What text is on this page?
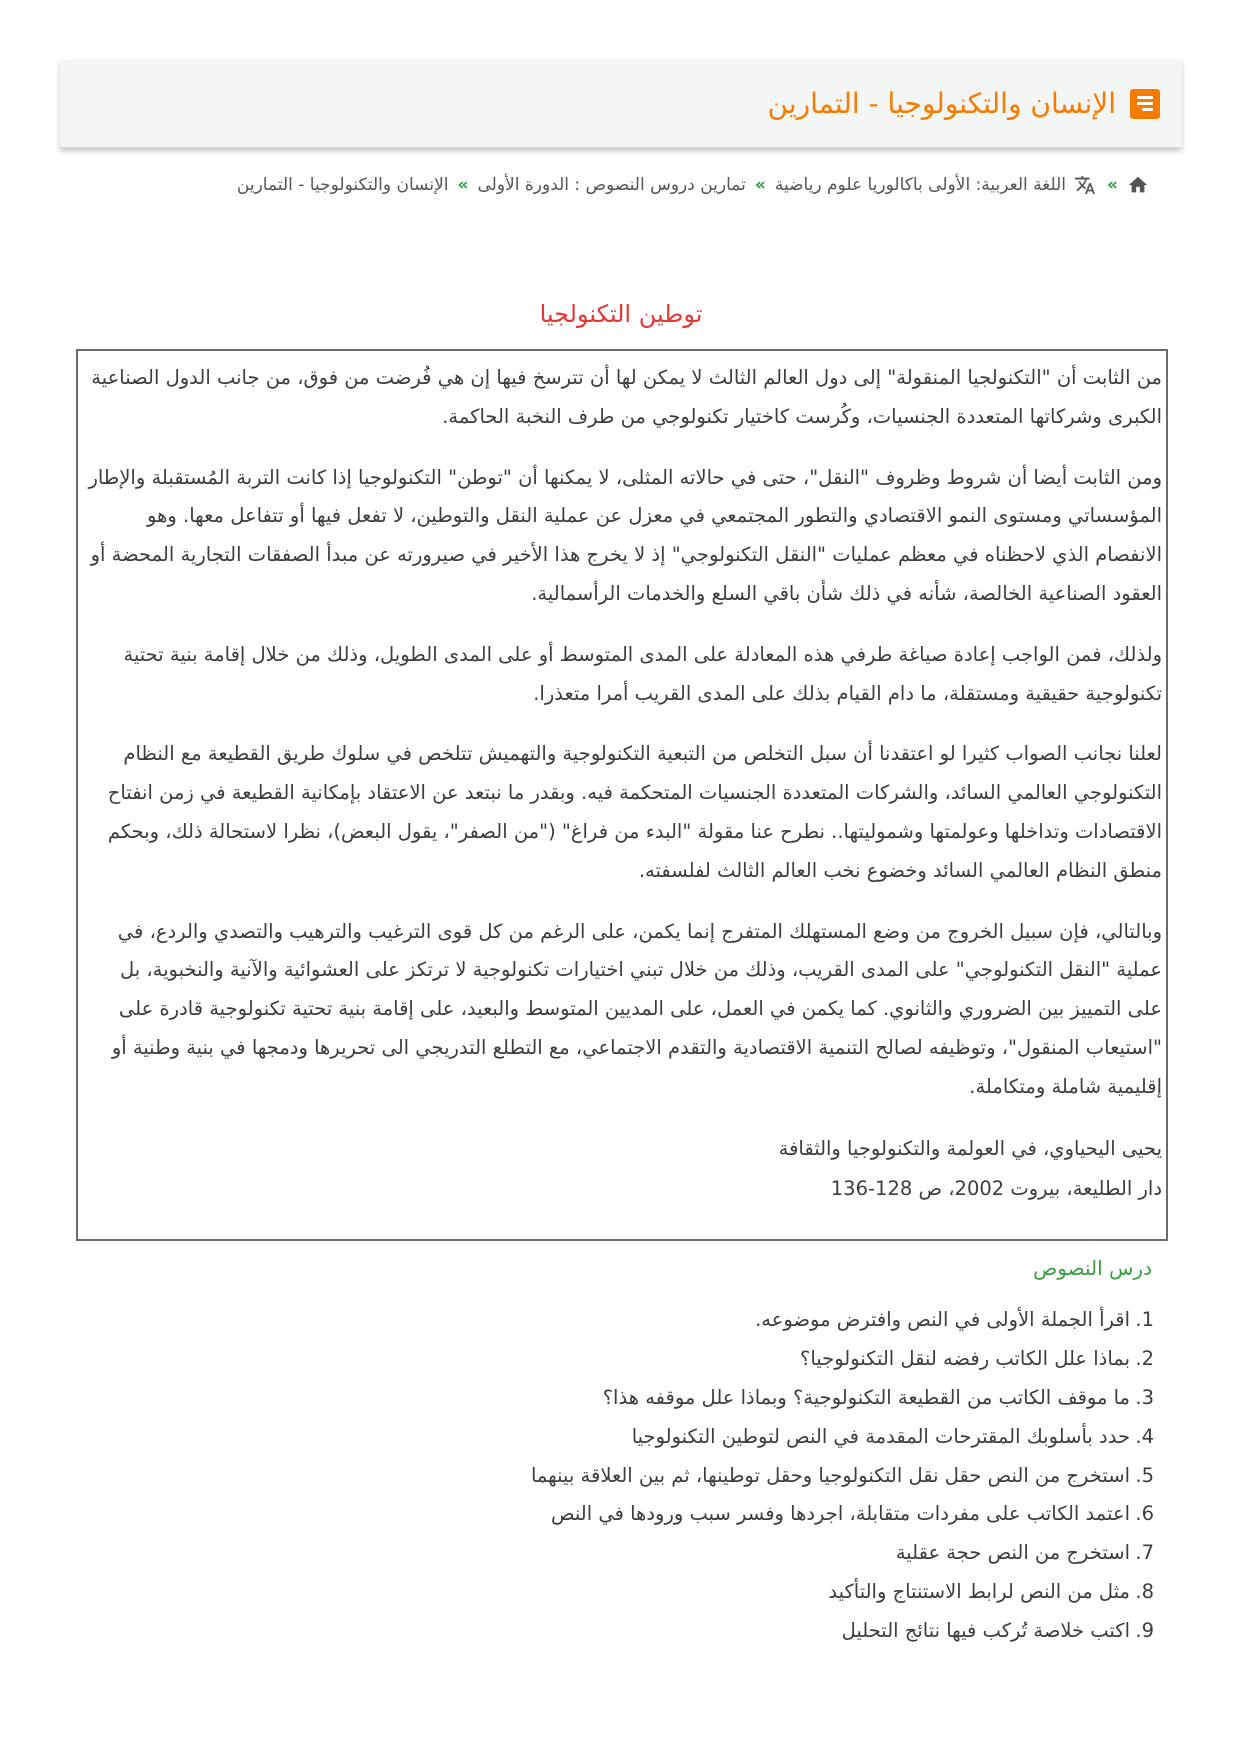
الإنسان والتكنولوجيا - التمارين
»
اللغة العربية: الأولى باكالوريا علوم رياضية
»
تمارين دروس النصوص : الدورة الأولى
»
الإنسان والتكنولوجيا - التمارين
توطين التكنولجيا

من الثابت أن "التكنولجيا المنقولة" إلى دول العالم الثالث لا يمكن لها أن تترسخ فيها إن هي فُرضت من فوق، من جانب الدول الصناعية الكبرى وشركاتها المتعددة الجنسيات، وكُرست كاختيار تكنولوجي من طرف النخبة الحاكمة.

ومن الثابت أيضا أن شروط وظروف "النقل"، حتى في حالاته المثلى، لا يمكنها أن "توطن" التكنولوجيا إذا كانت التربة المُستقبلة والإطار المؤسساتي ومستوى النمو الاقتصادي والتطور المجتمعي في معزل عن عملية النقل والتوطين، لا تفعل فيها أو تتفاعل معها. وهو الانفصام الذي لاحظناه في معظم عمليات "النقل التكنولوجي" إذ لا يخرج هذا الأخير في صيرورته عن مبدأ الصفقات التجارية المحضة أو العقود الصناعية الخالصة، شأنه في ذلك شأن باقي السلع والخدمات الرأسمالية.

ولذلك، فمن الواجب إعادة صياغة طرفي هذه المعادلة على المدى المتوسط أو على المدى الطويل، وذلك من خلال إقامة بنية تحتية تكنولوجية حقيقية ومستقلة، ما دام القيام بذلك على المدى القريب أمرا متعذرا.

لعلنا نجانب الصواب كثيرا لو اعتقدنا أن سبل التخلص من التبعية التكنولوجية والتهميش تتلخص في سلوك طريق القطيعة مع النظام التكنولوجي العالمي السائد، والشركات المتعددة الجنسيات المتحكمة فيه. وبقدر ما نبتعد عن الاعتقاد بإمكانية القطيعة في زمن انفتاح الاقتصادات وتداخلها وعولمتها وشموليتها.. نطرح عنا مقولة "البدء من فراغ" ("من الصفر"، يقول البعض)، نظرا لاستحالة ذلك، وبحكم منطق النظام العالمي السائد وخضوع نخب العالم الثالث لفلسفته.

وبالتالي، فإن سبيل الخروج من وضع المستهلك المتفرج إنما يكمن، على الرغم من كل قوى الترغيب والترهيب والتصدي والردع، في عملية "النقل التكنولوجي" على المدى القريب، وذلك من خلال تبني اختيارات تكنولوجية لا ترتكز على العشوائية والآنية والنخبوية، بل على التمييز بين الضروري والثانوي. كما يكمن في العمل، على المديين المتوسط والبعيد، على إقامة بنية تحتية تكنولوجية قادرة على "استيعاب المنقول"، وتوظيفه لصالح التنمية الاقتصادية والتقدم الاجتماعي، مع التطلع التدريجي الى تحريرها ودمجها في بنية وطنية أو إقليمية شاملة ومتكاملة.

يحيى اليحياوي، في العولمة والتكنولوجيا والثقافة
دار الطليعة، بيروت 2002، ص 128-136
درس النصوص
1.
اقرأ الجملة الأولى في النص وافترض موضوعه.
2.
بماذا علل الكاتب رفضه لنقل التكنولوجيا؟
3.
ما موقف الكاتب من القطيعة التكنولوجية؟ وبماذا علل موقفه هذا؟
4.
حدد بأسلوبك المقترحات المقدمة في النص لتوطين التكنولوجيا
5.
استخرج من النص حقل نقل التكنولوجيا وحقل توطينها، ثم بين العلاقة بينهما
6.
اعتمد الكاتب على مفردات متقابلة، اجردها وفسر سبب ورودها في النص
7.
استخرج من النص حجة عقلية
8.
مثل من النص لرابط الاستنتاج والتأكيد
9.
اكتب خلاصة تُركب فيها نتائج التحليل
